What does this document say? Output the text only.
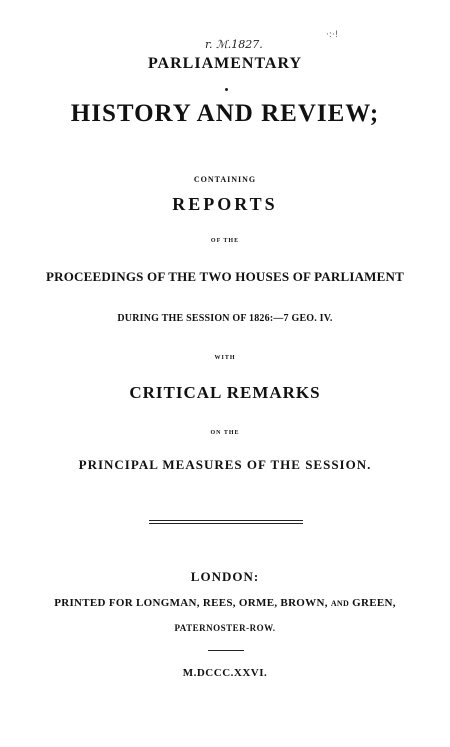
r. ℳ.1827.
·:·!
PARLIAMENTARY
HISTORY AND REVIEW;
CONTAINING
REPORTS
OF THE
PROCEEDINGS OF THE TWO HOUSES OF PARLIAMENT
DURING THE SESSION OF 1826:—7 GEO. IV.
WITH
CRITICAL REMARKS
ON THE
PRINCIPAL MEASURES OF THE SESSION.
LONDON:
PRINTED FOR LONGMAN, REES, ORME, BROWN, AND GREEN,
PATERNOSTER-ROW.
M.DCCC.XXVI.
